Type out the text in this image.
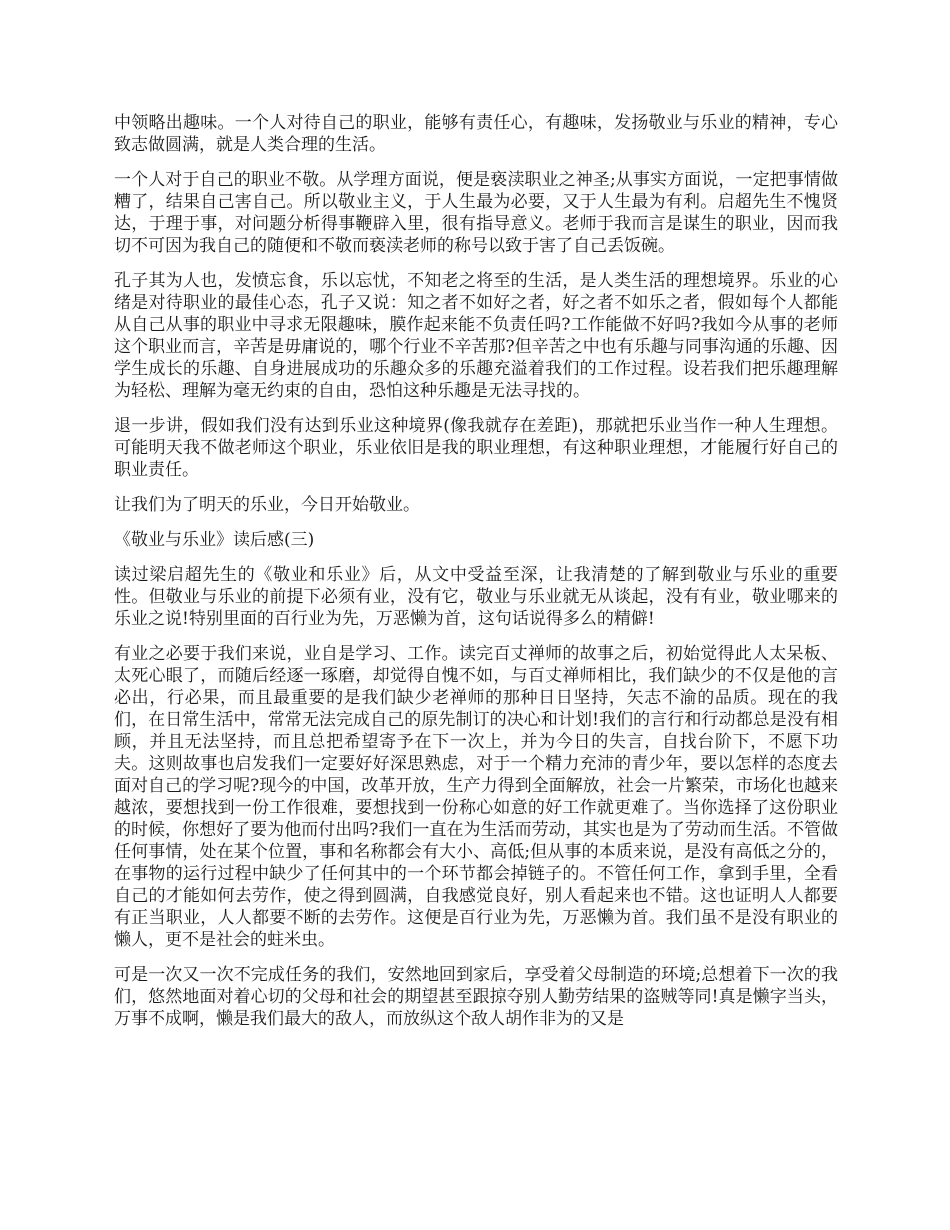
中领略出趣味。一个人对待自己的职业，能够有责任心，有趣味，发扬敬业与乐业的精神，专心致志做圆满，就是人类合理的生活。

一个人对于自己的职业不敬。从学理方面说，便是亵渎职业之神圣;从事实方面说，一定把事情做糟了，结果自己害自己。所以敬业主义，于人生最为必要，又于人生最为有利。启超先生不愧贤达，于理于事，对问题分析得事鞭辟入里，很有指导意义。老师于我而言是谋生的职业，因而我切不可因为我自己的随便和不敬而亵渎老师的称号以致于害了自己丢饭碗。

孔子其为人也，发愤忘食，乐以忘忧，不知老之将至的生活，是人类生活的理想境界。乐业的心绪是对待职业的最佳心态，孔子又说：知之者不如好之者，好之者不如乐之者，假如每个人都能从自己从事的职业中寻求无限趣味，膜作起来能不负责任吗?工作能做不好吗?我如今从事的老师这个职业而言，辛苦是毋庸说的，哪个行业不辛苦那?但辛苦之中也有乐趣与同事沟通的乐趣、因学生成长的乐趣、自身进展成功的乐趣众多的乐趣充溢着我们的工作过程。设若我们把乐趣理解为轻松、理解为毫无约束的自由，恐怕这种乐趣是无法寻找的。

退一步讲，假如我们没有达到乐业这种境界(像我就存在差距)，那就把乐业当作一种人生理想。可能明天我不做老师这个职业，乐业依旧是我的职业理想，有这种职业理想，才能履行好自己的职业责任。

让我们为了明天的乐业，今日开始敬业。

《敬业与乐业》读后感(三)

读过梁启超先生的《敬业和乐业》后，从文中受益至深，让我清楚的了解到敬业与乐业的重要性。但敬业与乐业的前提下必须有业，没有它，敬业与乐业就无从谈起，没有有业，敬业哪来的乐业之说!特别里面的百行业为先，万恶懒为首，这句话说得多么的精僻!

有业之必要于我们来说，业自是学习、工作。读完百丈禅师的故事之后，初始觉得此人太呆板、太死心眼了，而随后经逐一琢磨，却觉得自愧不如，与百丈禅师相比，我们缺少的不仅是他的言必出，行必果，而且最重要的是我们缺少老禅师的那种日日坚持，矢志不渝的品质。现在的我们，在日常生活中，常常无法完成自己的原先制订的决心和计划!我们的言行和行动都总是没有相顾，并且无法坚持，而且总把希望寄予在下一次上，并为今日的失言，自找台阶下，不愿下功夫。这则故事也启发我们一定要好好深思熟虑，对于一个精力充沛的青少年，要以怎样的态度去面对自己的学习呢?现今的中国，改革开放，生产力得到全面解放，社会一片繁荣，市场化也越来越浓，要想找到一份工作很难，要想找到一份称心如意的好工作就更难了。当你选择了这份职业的时候，你想好了要为他而付出吗?我们一直在为生活而劳动，其实也是为了劳动而生活。不管做任何事情，处在某个位置，事和名称都会有大小、高低;但从事的本质来说，是没有高低之分的，在事物的运行过程中缺少了任何其中的一个环节都会掉链子的。不管任何工作，拿到手里，全看自己的才能如何去劳作，使之得到圆满，自我感觉良好，别人看起来也不错。这也证明人人都要有正当职业，人人都要不断的去劳作。这便是百行业为先，万恶懒为首。我们虽不是没有职业的懒人，更不是社会的蛀米虫。

可是一次又一次不完成任务的我们，安然地回到家后，享受着父母制造的环境;总想着下一次的我们，悠然地面对着心切的父母和社会的期望甚至跟掠夺别人勤劳结果的盗贼等同!真是懒字当头，万事不成啊，懒是我们最大的敌人，而放纵这个敌人胡作非为的又是
